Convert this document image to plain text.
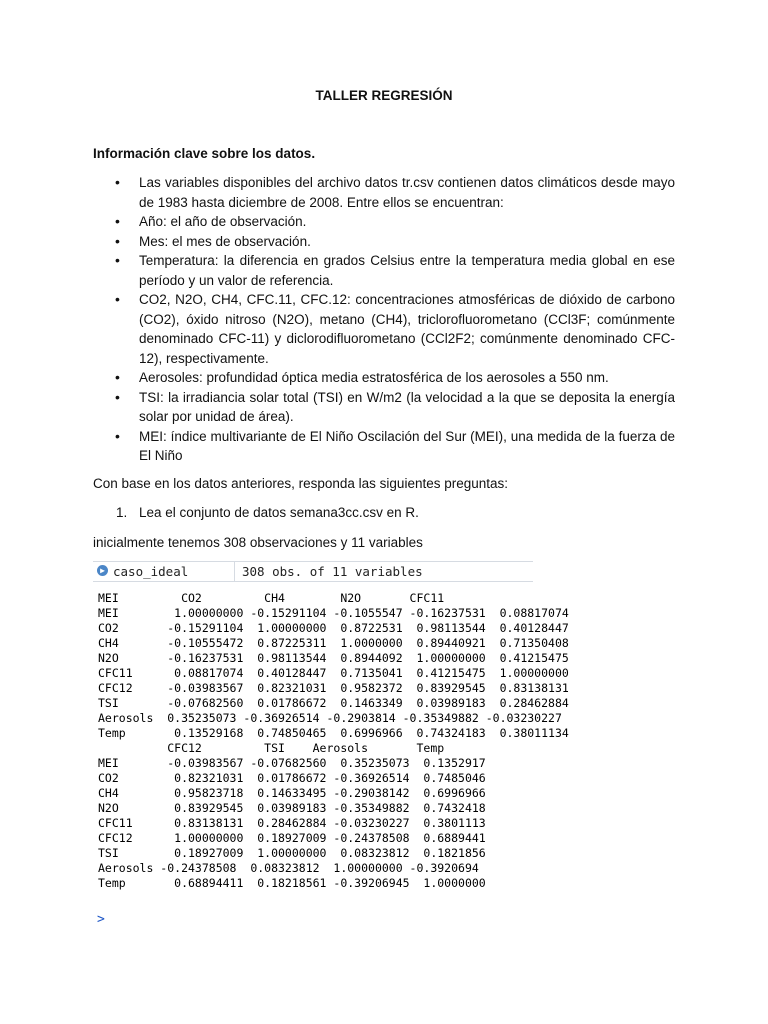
TALLER REGRESIÓN
Información clave sobre los datos.
• Las variables disponibles del archivo datos tr.csv contienen datos climáticos desde mayo de 1983 hasta diciembre de 2008. Entre ellos se encuentran:
• Año: el año de observación.
• Mes: el mes de observación.
• Temperatura: la diferencia en grados Celsius entre la temperatura media global en ese período y un valor de referencia.
• CO2, N2O, CH4, CFC.11, CFC.12: concentraciones atmosféricas de dióxido de carbono (CO2), óxido nitroso (N2O), metano (CH4), triclorofluorometano (CCl3F; comúnmente denominado CFC-11) y diclorodifluorometano (CCl2F2; comúnmente denominado CFC-12), respectivamente.
• Aerosoles: profundidad óptica media estratosférica de los aerosoles a 550 nm.
• TSI: la irradiancia solar total (TSI) en W/m2 (la velocidad a la que se deposita la energía solar por unidad de área).
• MEI: índice multivariante de El Niño Oscilación del Sur (MEI), una medida de la fuerza de El Niño
Con base en los datos anteriores, responda las siguientes preguntas:
1. Lea el conjunto de datos semana3cc.csv en R.
inicialmente tenemos 308 observaciones y 11 variables
▶ caso_ideal	308 obs. of 11 variables
MEI         CO2         CH4        N2O       CFC11
MEI        1.00000000 -0.15291104 -0.1055547 -0.16237531  0.08817074
CO2       -0.15291104  1.00000000  0.8722531  0.98113544  0.40128447
CH4       -0.10555472  0.87225311  1.0000000  0.89440921  0.71350408
N2O       -0.16237531  0.98113544  0.8944092  1.00000000  0.41215475
CFC11      0.08817074  0.40128447  0.7135041  0.41215475  1.00000000
CFC12     -0.03983567  0.82321031  0.9582372  0.83929545  0.83138131
TSI       -0.07682560  0.01786672  0.1463349  0.03989183  0.28462884
Aerosols  0.35235073 -0.36926514 -0.2903814 -0.35349882 -0.03230227
Temp       0.13529168  0.74850465  0.6996966  0.74324183  0.38011134
CFC12         TSI    Aerosols       Temp
MEI       -0.03983567 -0.07682560  0.35235073  0.1352917
CO2        0.82321031  0.01786672 -0.36926514  0.7485046
CH4        0.95823718  0.14633495 -0.29038142  0.6996966
N2O        0.83929545  0.03989183 -0.35349882  0.7432418
CFC11      0.83138131  0.28462884 -0.03230227  0.3801113
CFC12      1.00000000  0.18927009 -0.24378508  0.6889441
TSI        0.18927009  1.00000000  0.08323812  0.1821856
Aerosols -0.24378508  0.08323812  1.00000000 -0.3920694
Temp       0.68894411  0.18218561 -0.39206945  1.0000000
>
